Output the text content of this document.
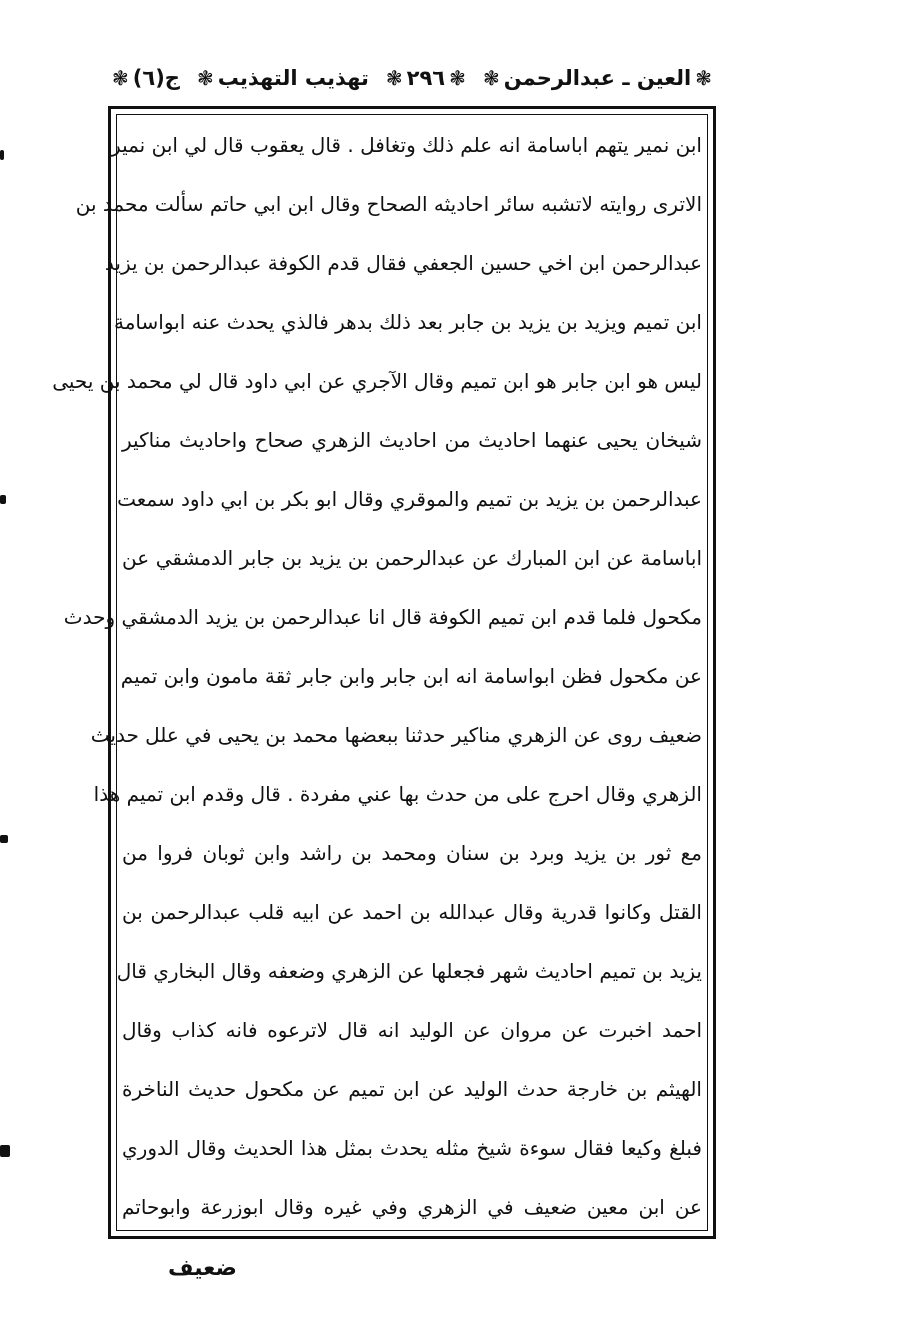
ج(٦)
❃	تهذيب التهذيب
❃	❃
٢٩٦
❃	❃
العين ـ عبدالرحمن
❃
ابن نمير يتهم اباسامة انه علم ذلك وتغافل . قال يعقوب قال لي ابن نمير
الاترى روايته لاتشبه سائر احاديثه الصحاح وقال ابن ابي حاتم سألت محمد بن
عبدالرحمن ابن اخي حسين الجعفي فقال قدم الكوفة عبدالرحمن بن يزيد
ابن تميم ويزيد بن يزيد بن جابر بعد ذلك بدهر فالذي يحدث عنه ابواسامة
ليس هو ابن جابر هو ابن تميم وقال الآجري عن ابي داود قال لي محمد بن يحيى
شيخان يحيى عنهما احاديث من احاديث الزهري صحاح واحاديث مناكير
عبدالرحمن بن يزيد بن تميم والموقري وقال ابو بكر بن ابي داود سمعت
اباسامة عن ابن المبارك عن عبدالرحمن بن يزيد بن جابر الدمشقي عن
مكحول فلما قدم ابن تميم الكوفة قال انا عبدالرحمن بن يزيد الدمشقي وحدث
عن مكحول فظن ابواسامة انه ابن جابر وابن جابر ثقة مامون وابن تميم
ضعيف روى عن الزهري مناكير حدثنا ببعضها محمد بن يحيى في علل حديث
الزهري وقال احرج على من حدث بها عني مفردة . قال وقدم ابن تميم هذا
مع ثور بن يزيد وبرد بن سنان ومحمد بن راشد وابن ثوبان فروا من
القتل وكانوا قدرية وقال عبدالله بن احمد عن ابيه قلب عبدالرحمن بن
يزيد بن تميم احاديث شهر فجعلها عن الزهري وضعفه وقال البخاري قال
احمد اخبرت عن مروان عن الوليد انه قال لاترعوه فانه كذاب وقال
الهيثم بن خارجة حدث الوليد عن ابن تميم عن مكحول حديث الناخرة
فبلغ وكيعا فقال سوءة شيخ مثله يحدث بمثل هذا الحديث وقال الدوري
عن ابن معين ضعيف في الزهري وفي غيره وقال ابوزرعة وابوحاتم
ضعيف
